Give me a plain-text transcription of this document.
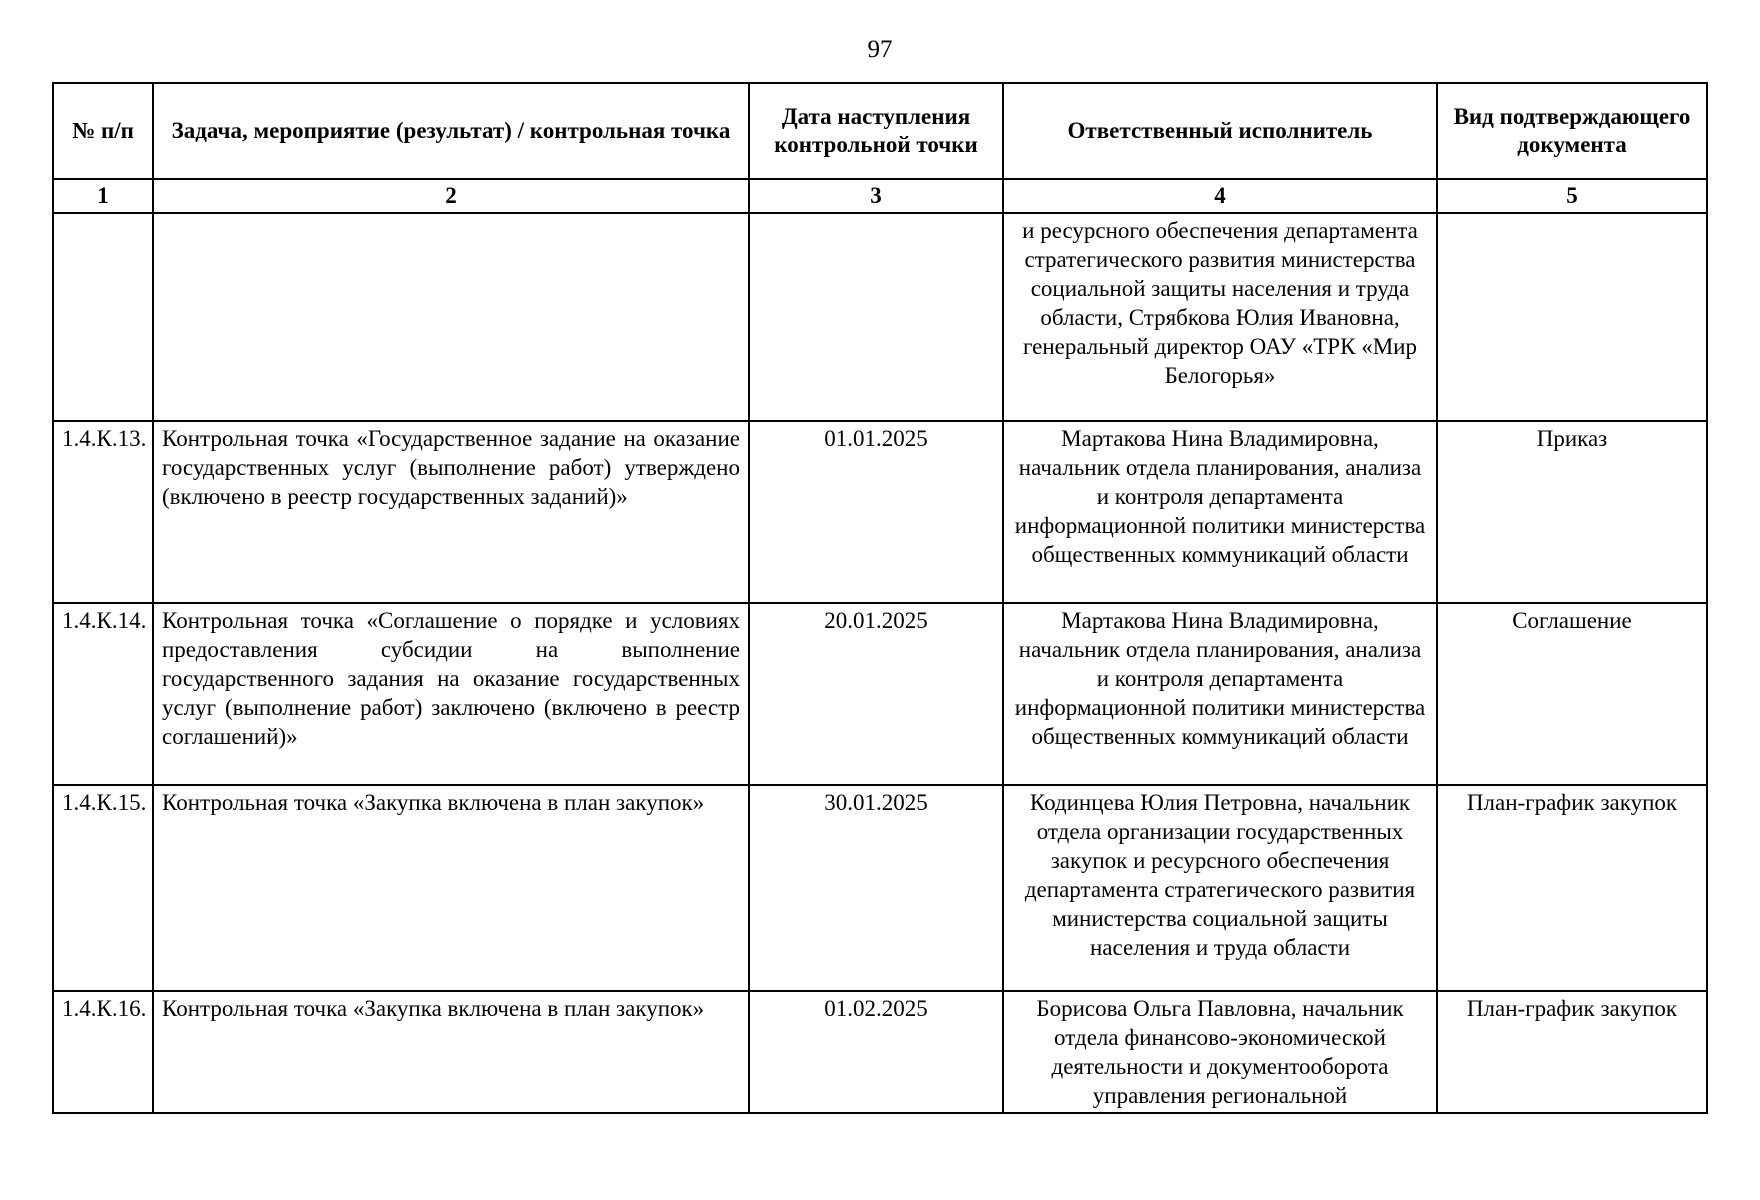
97
№ п/п	Задача, мероприятие (результат) / контрольная точка	Дата наступления контрольной точки	Ответственный исполнитель	Вид подтверждающего документа
1	2	3	4	5
			и ресурсного обеспечения департамента стратегического развития министерства социальной защиты населения и труда области, Стрябкова Юлия Ивановна, генеральный директор ОАУ «ТРК «Мир Белогорья»	
1.4.К.13.	Контрольная точка «Государственное задание на оказание государственных услуг (выполнение работ) утверждено (включено в реестр государственных заданий)»	01.01.2025	Мартакова Нина Владимировна, начальник отдела планирования, анализа и контроля департамента информационной политики министерства общественных коммуникаций области	Приказ
1.4.К.14.	Контрольная точка «Соглашение о порядке и условиях предоставления субсидии на выполнение государственного задания на оказание государственных услуг (выполнение работ) заключено (включено в реестр соглашений)»	20.01.2025	Мартакова Нина Владимировна, начальник отдела планирования, анализа и контроля департамента информационной политики министерства общественных коммуникаций области	Соглашение
1.4.К.15.	Контрольная точка «Закупка включена в план закупок»	30.01.2025	Кодинцева Юлия Петровна, начальник отдела организации государственных закупок и ресурсного обеспечения департамента стратегического развития министерства социальной защиты населения и труда области	План-график закупок
1.4.К.16.	Контрольная точка «Закупка включена в план закупок»	01.02.2025	Борисова Ольга Павловна, начальник отдела финансово-экономической деятельности и документооборота управления региональной	План-график закупок
